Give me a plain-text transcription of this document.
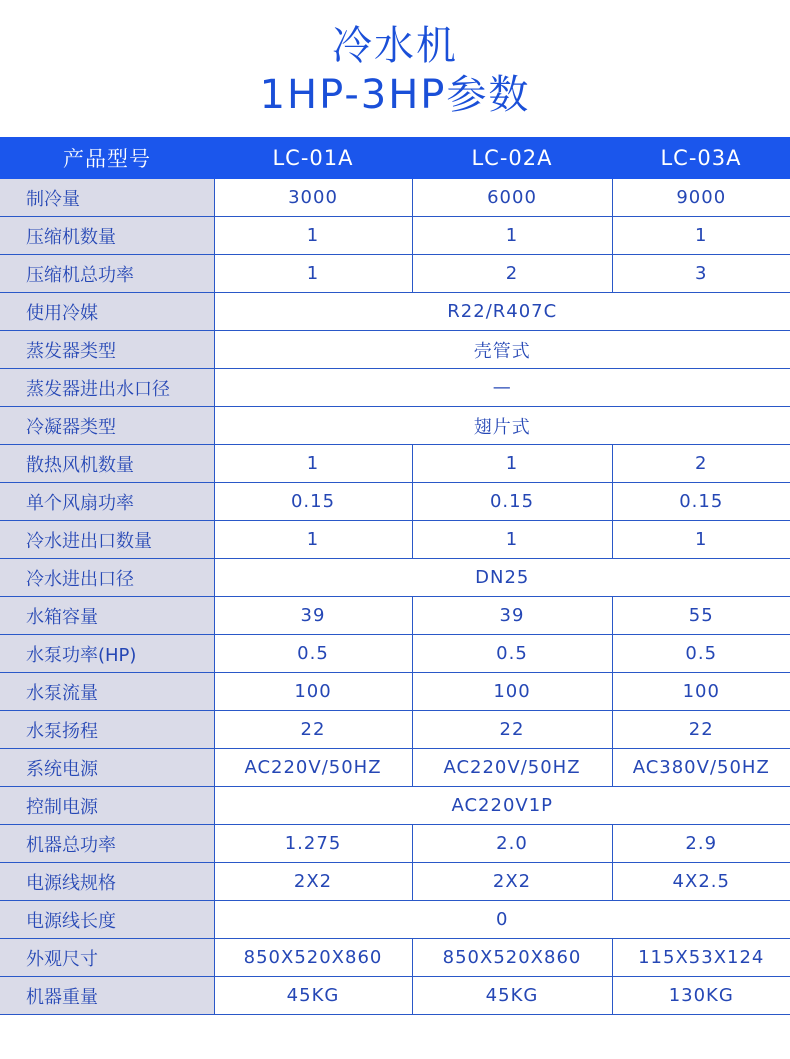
冷水机
1HP-3HP参数
产品型号	LC-01A	LC-02A	LC-03A
制冷量	3000	6000	9000
压缩机数量	1	1	1
压缩机总功率	1	2	3
使用冷媒	R22/R407C		
蒸发器类型	壳管式		
蒸发器进出水口径	—		
冷凝器类型	翅片式		
散热风机数量	1	1	2
单个风扇功率	0.15	0.15	0.15
冷水进出口数量	1	1	1
冷水进出口径	DN25		
水箱容量	39	39	55
水泵功率(HP)	0.5	0.5	0.5
水泵流量	100	100	100
水泵扬程	22	22	22
系统电源	AC220V/50HZ	AC220V/50HZ	AC380V/50HZ
控制电源	AC220V1P		
机器总功率	1.275	2.0	2.9
电源线规格	2X2	2X2	4X2.5
电源线长度	0		
外观尺寸	850X520X860	850X520X860	115X53X124
机器重量	45KG	45KG	130KG
